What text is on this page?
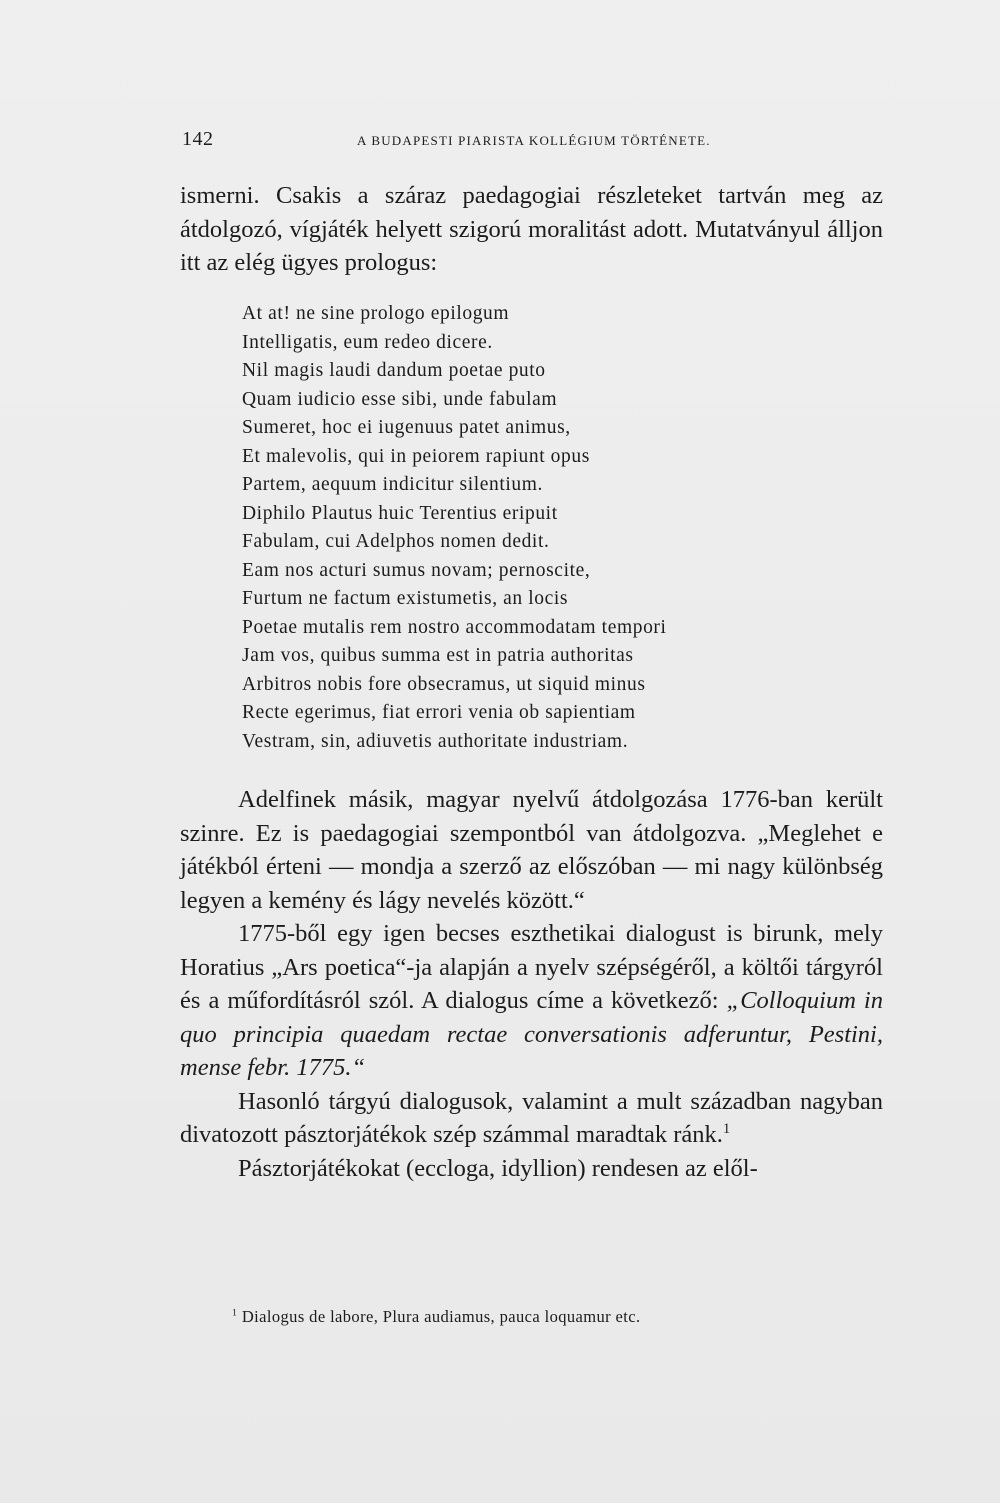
142	A BUDAPESTI PIARISTA KOLLÉGIUM TÖRTÉNETE.

ismerni. Csakis a száraz paedagogiai részleteket tartván meg az átdolgozó, vígjáték helyett szigorú moralitást adott. Mutatványul álljon itt az elég ügyes prologus:

At at! ne sine prologo epilogum
Intelligatis, eum redeo dicere.
Nil magis laudi dandum poetae puto
Quam iudicio esse sibi, unde fabulam
Sumeret, hoc ei iugenuus patet animus,
Et malevolis, qui in peiorem rapiunt opus
Partem, aequum indicitur silentium.
Diphilo Plautus huic Terentius eripuit
Fabulam, cui Adelphos nomen dedit.
Eam nos acturi sumus novam; pernoscite,
Furtum ne factum existumetis, an locis
Poetae mutalis rem nostro accommodatam tempori
Jam vos, quibus summa est in patria authoritas
Arbitros nobis fore obsecramus, ut siquid minus
Recte egerimus, fiat errori venia ob sapientiam
Vestram, sin, adiuvetis authoritate industriam.

Adelfinek másik, magyar nyelvű átdolgozása 1776-ban került szinre. Ez is paedagogiai szempontból van átdolgozva. „Meglehet e játékból érteni — mondja a szerző az előszóban — mi nagy különbség legyen a kemény és lágy nevelés között.“

1775-ből egy igen becses eszthetikai dialogust is birunk, mely Horatius „Ars poetica“-ja alapján a nyelv szépségéről, a költői tárgyról és a műfordításról szól. A dialogus címe a következő: „Colloquium in quo principia quaedam rectae conversationis adferuntur, Pestini, mense febr. 1775.“

Hasonló tárgyú dialogusok, valamint a mult században nagyban divatozott pásztorjátékok szép számmal maradtak ránk.$^1$

Pásztorjátékokat (eccloga, idyllion) rendesen az elől-

$^1$ Dialogus de labore, Plura audiamus, pauca loquamur etc.
